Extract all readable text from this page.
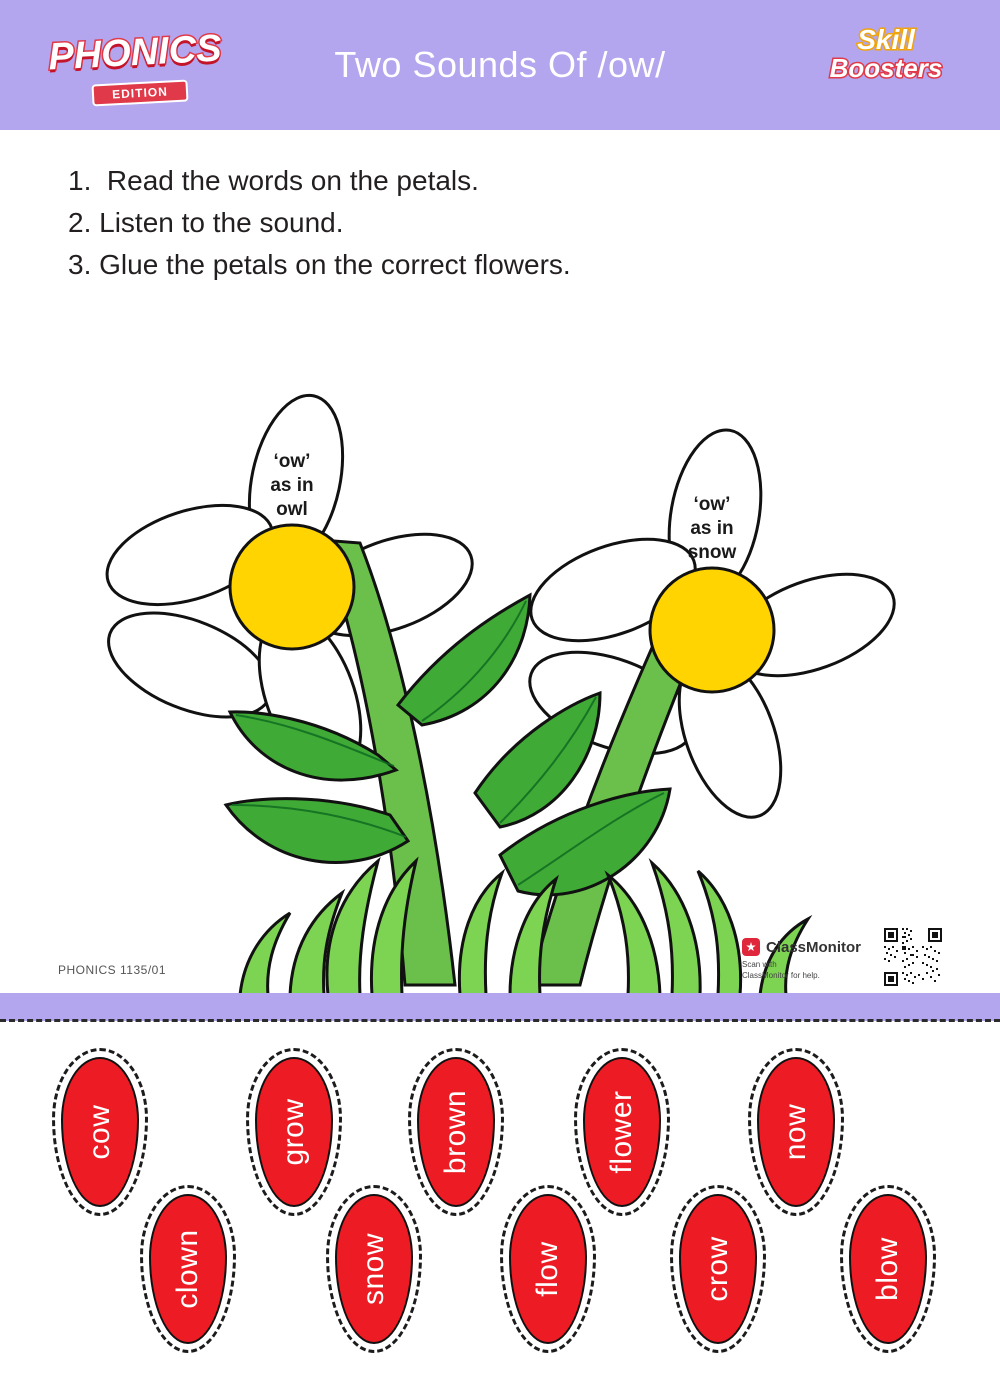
PHONICS
EDITION
Two Sounds Of /ow/
Skill
Boosters
1.  Read the words on the petals.
2. Listen to the sound.
3. Glue the petals on the correct flowers.
‘ow’
as in
owl	‘ow’
as in
snow
PHONICS 1135/01
ClassMonitor
Scan with
ClassMonitor for help.
cow
clown
grow
snow
brown
flow
flower
crow
now
blow
